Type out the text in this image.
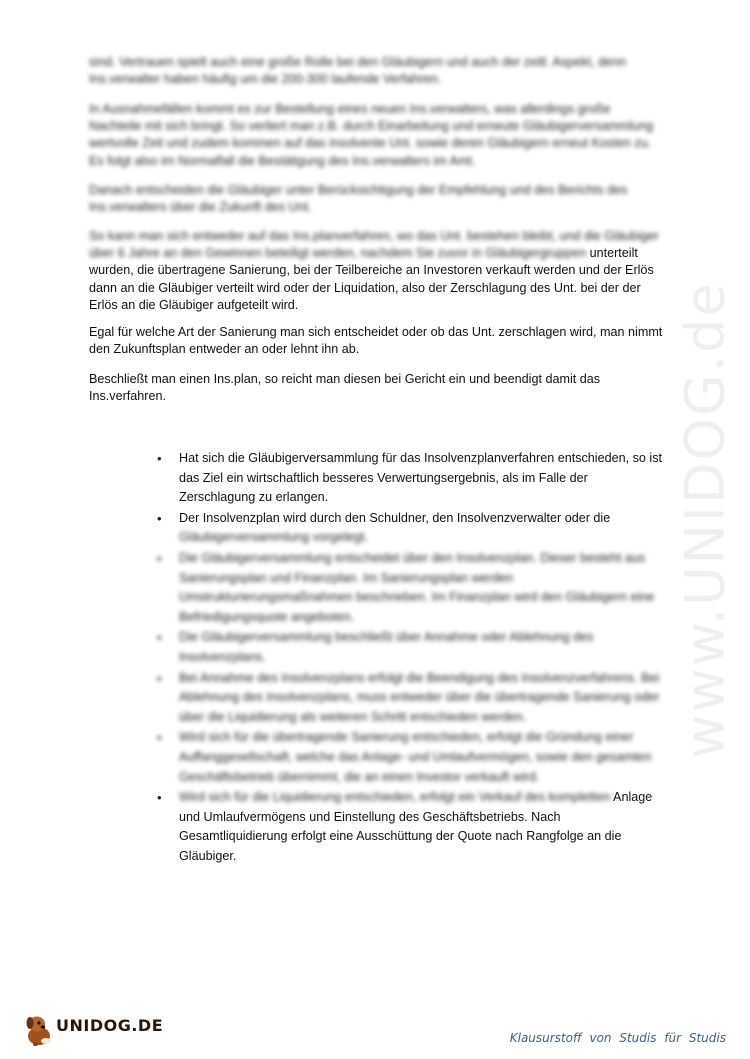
sind. Vertrauen spielt auch eine große Rolle bei den Gläubigern und auch der zeitl. Aspekt, denn Ins.verwalter haben häufig um die 200-300 laufende Verfahren.

In Ausnahmefällen kommt es zur Bestellung eines neuen Ins.verwalters, was allerdings große Nachteile mit sich bringt. So verliert man z.B. durch Einarbeitung und erneute Gläubigerversammlung wertvolle Zeit und zudem kommen auf das insolvente Unt. sowie deren Gläubigern erneut Kosten zu. Es folgt also im Normalfall die Bestätigung des Ins.verwalters im Amt.

Danach entscheiden die Gläubiger unter Berücksichtigung der Empfehlung und des Berichts des Ins.verwalters über die Zukunft des Unt.

So kann man sich entweder auf das Ins.planverfahren, wo das Unt. bestehen bleibt, und die Gläubiger über 6 Jahre an den Gewinnen beteiligt werden, nachdem Sie zuvor in Gläubigergruppen unterteilt wurden, die übertragene Sanierung, bei der Teilbereiche an Investoren verkauft werden und der Erlös dann an die Gläubiger verteilt wird oder der Liquidation, also der Zerschlagung des Unt. bei der der Erlös an die Gläubiger aufgeteilt wird.

Egal für welche Art der Sanierung man sich entscheidet oder ob das Unt. zerschlagen wird, man nimmt den Zukunftsplan entweder an oder lehnt ihn ab.

Beschließt man einen Ins.plan, so reicht man diesen bei Gericht ein und beendigt damit das Ins.verfahren.

• Hat sich die Gläubigerversammlung für das Insolvenzplanverfahren entschieden, so ist das Ziel ein wirtschaftlich besseres Verwertungsergebnis, als im Falle der Zerschlagung zu erlangen.
• Der Insolvenzplan wird durch den Schuldner, den Insolvenzverwalter oder die Gläubigerversammlung vorgelegt.
• Die Gläubigerversammlung entscheidet über den Insolvenzplan. Dieser besteht aus Sanierungsplan und Finanzplan. Im Sanierungsplan werden Umstrukturierungsmaßnahmen beschrieben. Im Finanzplan wird den Gläubigern eine Befriedigungsquote angeboten.
• Die Gläubigerversammlung beschließt über Annahme oder Ablehnung des Insolvenzplans.
• Bei Annahme des Insolvenzplans erfolgt die Beendigung des Insolvenzverfahrens. Bei Ablehnung des Insolvenzplans, muss entweder über die übertragende Sanierung oder über die Liquidierung als weiteren Schritt entschieden werden.
• Wird sich für die übertragende Sanierung entschieden, erfolgt die Gründung einer Auffanggesellschaft, welche das Anlage- und Umlaufvermögen, sowie den gesamten Geschäftsbetrieb übernimmt, die an einen Investor verkauft wird.
• Wird sich für die Liquidierung entschieden, erfolgt ein Verkauf des kompletten Anlage und Umlaufvermögens und Einstellung des Geschäftsbetriebs. Nach Gesamtliquidierung erfolgt eine Ausschüttung der Quote nach Rangfolge an die Gläubiger.
www.UNIDOG.de
UNIDOG.DE
Klausurstoff von Studis für Studis
